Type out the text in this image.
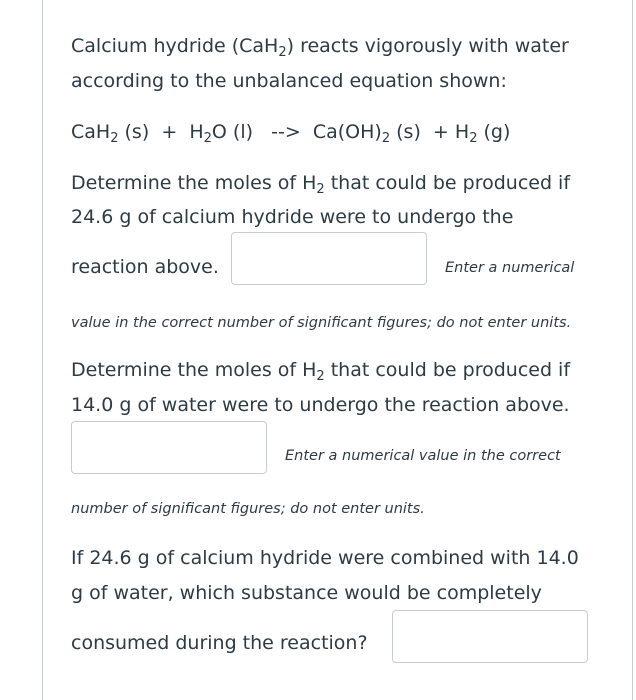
Calcium hydride (CaH$_2$) reacts vigorously with water
according to the unbalanced equation shown:
CaH$_2$ $(s) + H_2O$ (l)   -->  $Ca(OH)_2$ $(s) + H_2$ (g)
Determine the moles of $H_2$ that could be produced if
24.6 g of calcium hydride were to undergo the
reaction above.	Enter a numerical
value in the correct number of significant figures; do not enter units.
Determine the moles of $H_2$ that could be produced if
14.0 g of water were to undergo the reaction above.
Enter a numerical value in the correct
number of significant figures; do not enter units.
If 24.6 g of calcium hydride were combined with 14.0
g of water, which substance would be completely
consumed during the reaction?
